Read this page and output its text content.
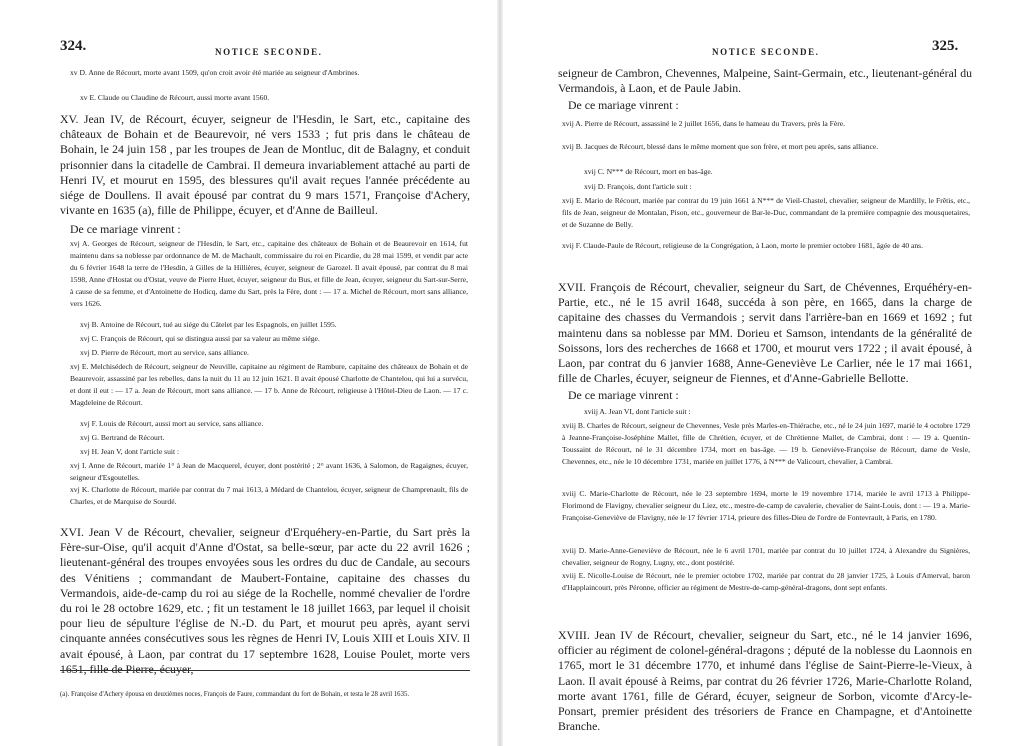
324.	NOTICE SECONDE.

xv D. Anne de Récourt, morte avant 1509, qu'on croit avoir été mariée au seigneur d'Ambrines.

xv E. Claude ou Claudine de Récourt, aussi morte avant 1560.

XV. Jean IV, de Récourt, écuyer, seigneur de l'Hesdin, le Sart, etc., capitaine des châteaux de Bohain et de Beaurevoir, né vers 1533 ; fut pris dans le château de Bohain, le 24 juin 158 , par les troupes de Jean de Montluc, dit de Balagny, et conduit prisonnier dans la citadelle de Cambrai. Il demeura invariablement attaché au parti de Henri IV, et mourut en 1595, des blessures qu'il avait reçues l'année précédente au siége de Doullens. Il avait épousé par contrat du 9 mars 1571, Françoise d'Achery, vivante en 1635 (a), fille de Philippe, écuyer, et d'Anne de Bailleul.

De ce mariage vinrent :

xvj A. Georges de Récourt, seigneur de l'Hesdin, le Sart, etc., capitaine des châteaux de Bohain et de Beaurevoir en 1614, fut maintenu dans sa noblesse par ordonnance de M. de Machault, commissaire du roi en Picardie, du 28 mai 1599, et vendit par acte du 6 février 1648 la terre de l'Hesdin, à Gilles de la Hillières, écuyer, seigneur de Garozel. Il avait épousé, par contrat du 8 mai 1598, Anne d'Hostat ou d'Ostat, veuve de Pierre Huet, écuyer, seigneur du Bus, et fille de Jean, écuyer, seigneur du Sart-sur-Serre, à cause de sa femme, et d'Antoinette de Hodicq, dame du Sart, près la Fère, dont : — 17 a. Michel de Récourt, mort sans alliance, vers 1626.

xvj B. Antoine de Récourt, tué au siége du Câtelet par les Espagnols, en juillet 1595.

xvj C. François de Récourt, qui se distingua aussi par sa valeur au même siége.

xvj D. Pierre de Récourt, mort au service, sans alliance.

xvj E. Melchisédech de Récourt, seigneur de Neuville, capitaine au régiment de Rambure, capitaine des châteaux de Bohain et de Beaurevoir, assassiné par les rebelles, dans la nuit du 11 au 12 juin 1621. Il avait épousé Charlotte de Chantelou, qui lui a survécu, et dont il eut : — 17 a. Jean de Récourt, mort sans alliance. — 17 b. Anne de Récourt, religieuse à l'Hôtel-Dieu de Laon. — 17 c. Magdeleine de Récourt.

xvj F. Louis de Récourt, aussi mort au service, sans alliance.

xvj G. Bertrand de Récourt.

xvj H. Jean V, dont l'article suit :

xvj I. Anne de Récourt, mariée 1° à Jean de Macquerel, écuyer, dont postérité ; 2° avant 1636, à Salomon, de Ragaignes, écuyer, seigneur d'Esgoutelles.

xvj K. Charlotte de Récourt, mariée par contrat du 7 mai 1613, à Médard de Chantelou, écuyer, seigneur de Champrenault, fils de Charles, et de Marquise de Sourdé.

XVI. Jean V de Récourt, chevalier, seigneur d'Erquéhery-en-Partie, du Sart près la Fère-sur-Oise, qu'il acquit d'Anne d'Ostat, sa belle-sœur, par acte du 22 avril 1626 ; lieutenant-général des troupes envoyées sous les ordres du duc de Candale, au secours des Vénitiens ; commandant de Maubert-Fontaine, capitaine des chasses du Vermandois, aide-de-camp du roi au siége de la Rochelle, nommé chevalier de l'ordre du roi le 28 octobre 1629, etc. ; fit un testament le 18 juillet 1663, par lequel il choisit pour lieu de sépulture l'église de N.-D. du Part, et mourut peu après, ayant servi cinquante années consécutives sous les règnes de Henri IV, Louis XIII et Louis XIV. Il avait épousé, à Laon, par contrat du 17 septembre 1628, Louise Poulet, morte vers 1651, fille de Pierre, écuyer,

(a). Françoise d'Achery épousa en deuxièmes noces, François de Faure, commandant du fort de Bohain, et testa le 28 avril 1635.

NOTICE SECONDE.	325.

seigneur de Cambron, Chevennes, Malpeine, Saint-Germain, etc., lieutenant-général du Vermandois, à Laon, et de Paule Jabin.

De ce mariage vinrent :

xvij A. Pierre de Récourt, assassiné le 2 juillet 1656, dans le hameau du Travers, près la Fère.

xvij B. Jacques de Récourt, blessé dans le même moment que son frère, et mort peu après, sans alliance.

xvij C. N*** de Récourt, mort en bas-âge.

xvij D. François, dont l'article suit :

xvij E. Mario de Récourt, mariée par contrat du 19 juin 1661 à N*** de Vieil-Chastel, chevalier, seigneur de Mardilly, le Frêtis, etc., fils de Jean, seigneur de Montalan, Pison, etc., gouverneur de Bar-le-Duc, commandant de la première compagnie des mousquetaires, et de Suzanne de Belly.

xvij F. Claude-Paule de Récourt, religieuse de la Congrégation, à Laon, morte le premier octobre 1681, âgée de 40 ans.

XVII. François de Récourt, chevalier, seigneur du Sart, de Chévennes, Erquéhéry-en-Partie, etc., né le 15 avril 1648, succéda à son père, en 1665, dans la charge de capitaine des chasses du Vermandois ; servit dans l'arrière-ban en 1669 et 1692 ; fut maintenu dans sa noblesse par MM. Dorieu et Samson, intendants de la généralité de Soissons, lors des recherches de 1668 et 1700, et mourut vers 1722 ; il avait épousé, à Laon, par contrat du 6 janvier 1688, Anne-Geneviève Le Carlier, née le 17 mai 1661, fille de Charles, écuyer, seigneur de Fiennes, et d'Anne-Gabrielle Bellotte.

De ce mariage vinrent :

xviij A. Jean VI, dont l'article suit :

xviij B. Charles de Récourt, seigneur de Chevennes, Vesle près Marles-en-Thiérache, etc., né le 24 juin 1697, marié le 4 octobre 1729 à Jeanne-Françoise-Joséphine Mallet, fille de Chrétien, écuyer, et de Chrétienne Mallet, de Cambrai, dont : — 19 a. Quentin-Toussaint de Récourt, né le 31 décembre 1734, mort en bas-âge. — 19 b. Geneviève-Françoise de Récourt, dame de Vesle, Chevennes, etc., née le 10 décembre 1731, mariée en juillet 1776, à N*** de Valicourt, chevalier, à Cambrai.

xviij C. Marie-Charlotte de Récourt, née le 23 septembre 1694, morte le 19 novembre 1714, mariée le avril 1713 à Philippe-Florimond de Flavigny, chevalier seigneur du Liez, etc., mestre-de-camp de cavalerie, chevalier de Saint-Louis, dont : — 19 a. Marie-Françoise-Geneviève de Flavigny, née le 17 février 1714, prieure des filles-Dieu de l'ordre de Fontevrault, à Paris, en 1780.

xviij D. Marie-Anne-Geneviève de Récourt, née le 6 avril 1701, mariée par contrat du 10 juillet 1724, à Alexandre du Signières, chevalier, seigneur de Rogny, Lugny, etc., dont postérité.

xviij E. Nicolle-Louise de Récourt, née le premier octobre 1702, mariée par contrat du 28 janvier 1725, à Louis d'Amerval, baron d'Happlaincourt, près Péronne, officier au régiment de Mestre-de-camp-général-dragons, dont sept enfants.

XVIII. Jean IV de Récourt, chevalier, seigneur du Sart, etc., né le 14 janvier 1696, officier au régiment de colonel-général-dragons ; député de la noblesse du Laonnois en 1765, mort le 31 décembre 1770, et inhumé dans l'église de Saint-Pierre-le-Vieux, à Laon. Il avait épousé à Reims, par contrat du 26 février 1726, Marie-Charlotte Roland, morte avant 1761, fille de Gérard, écuyer, seigneur de Sorbon, vicomte d'Arcy-le-Ponsart, premier président des trésoriers de France en Champagne, et d'Antoinette Branche.
